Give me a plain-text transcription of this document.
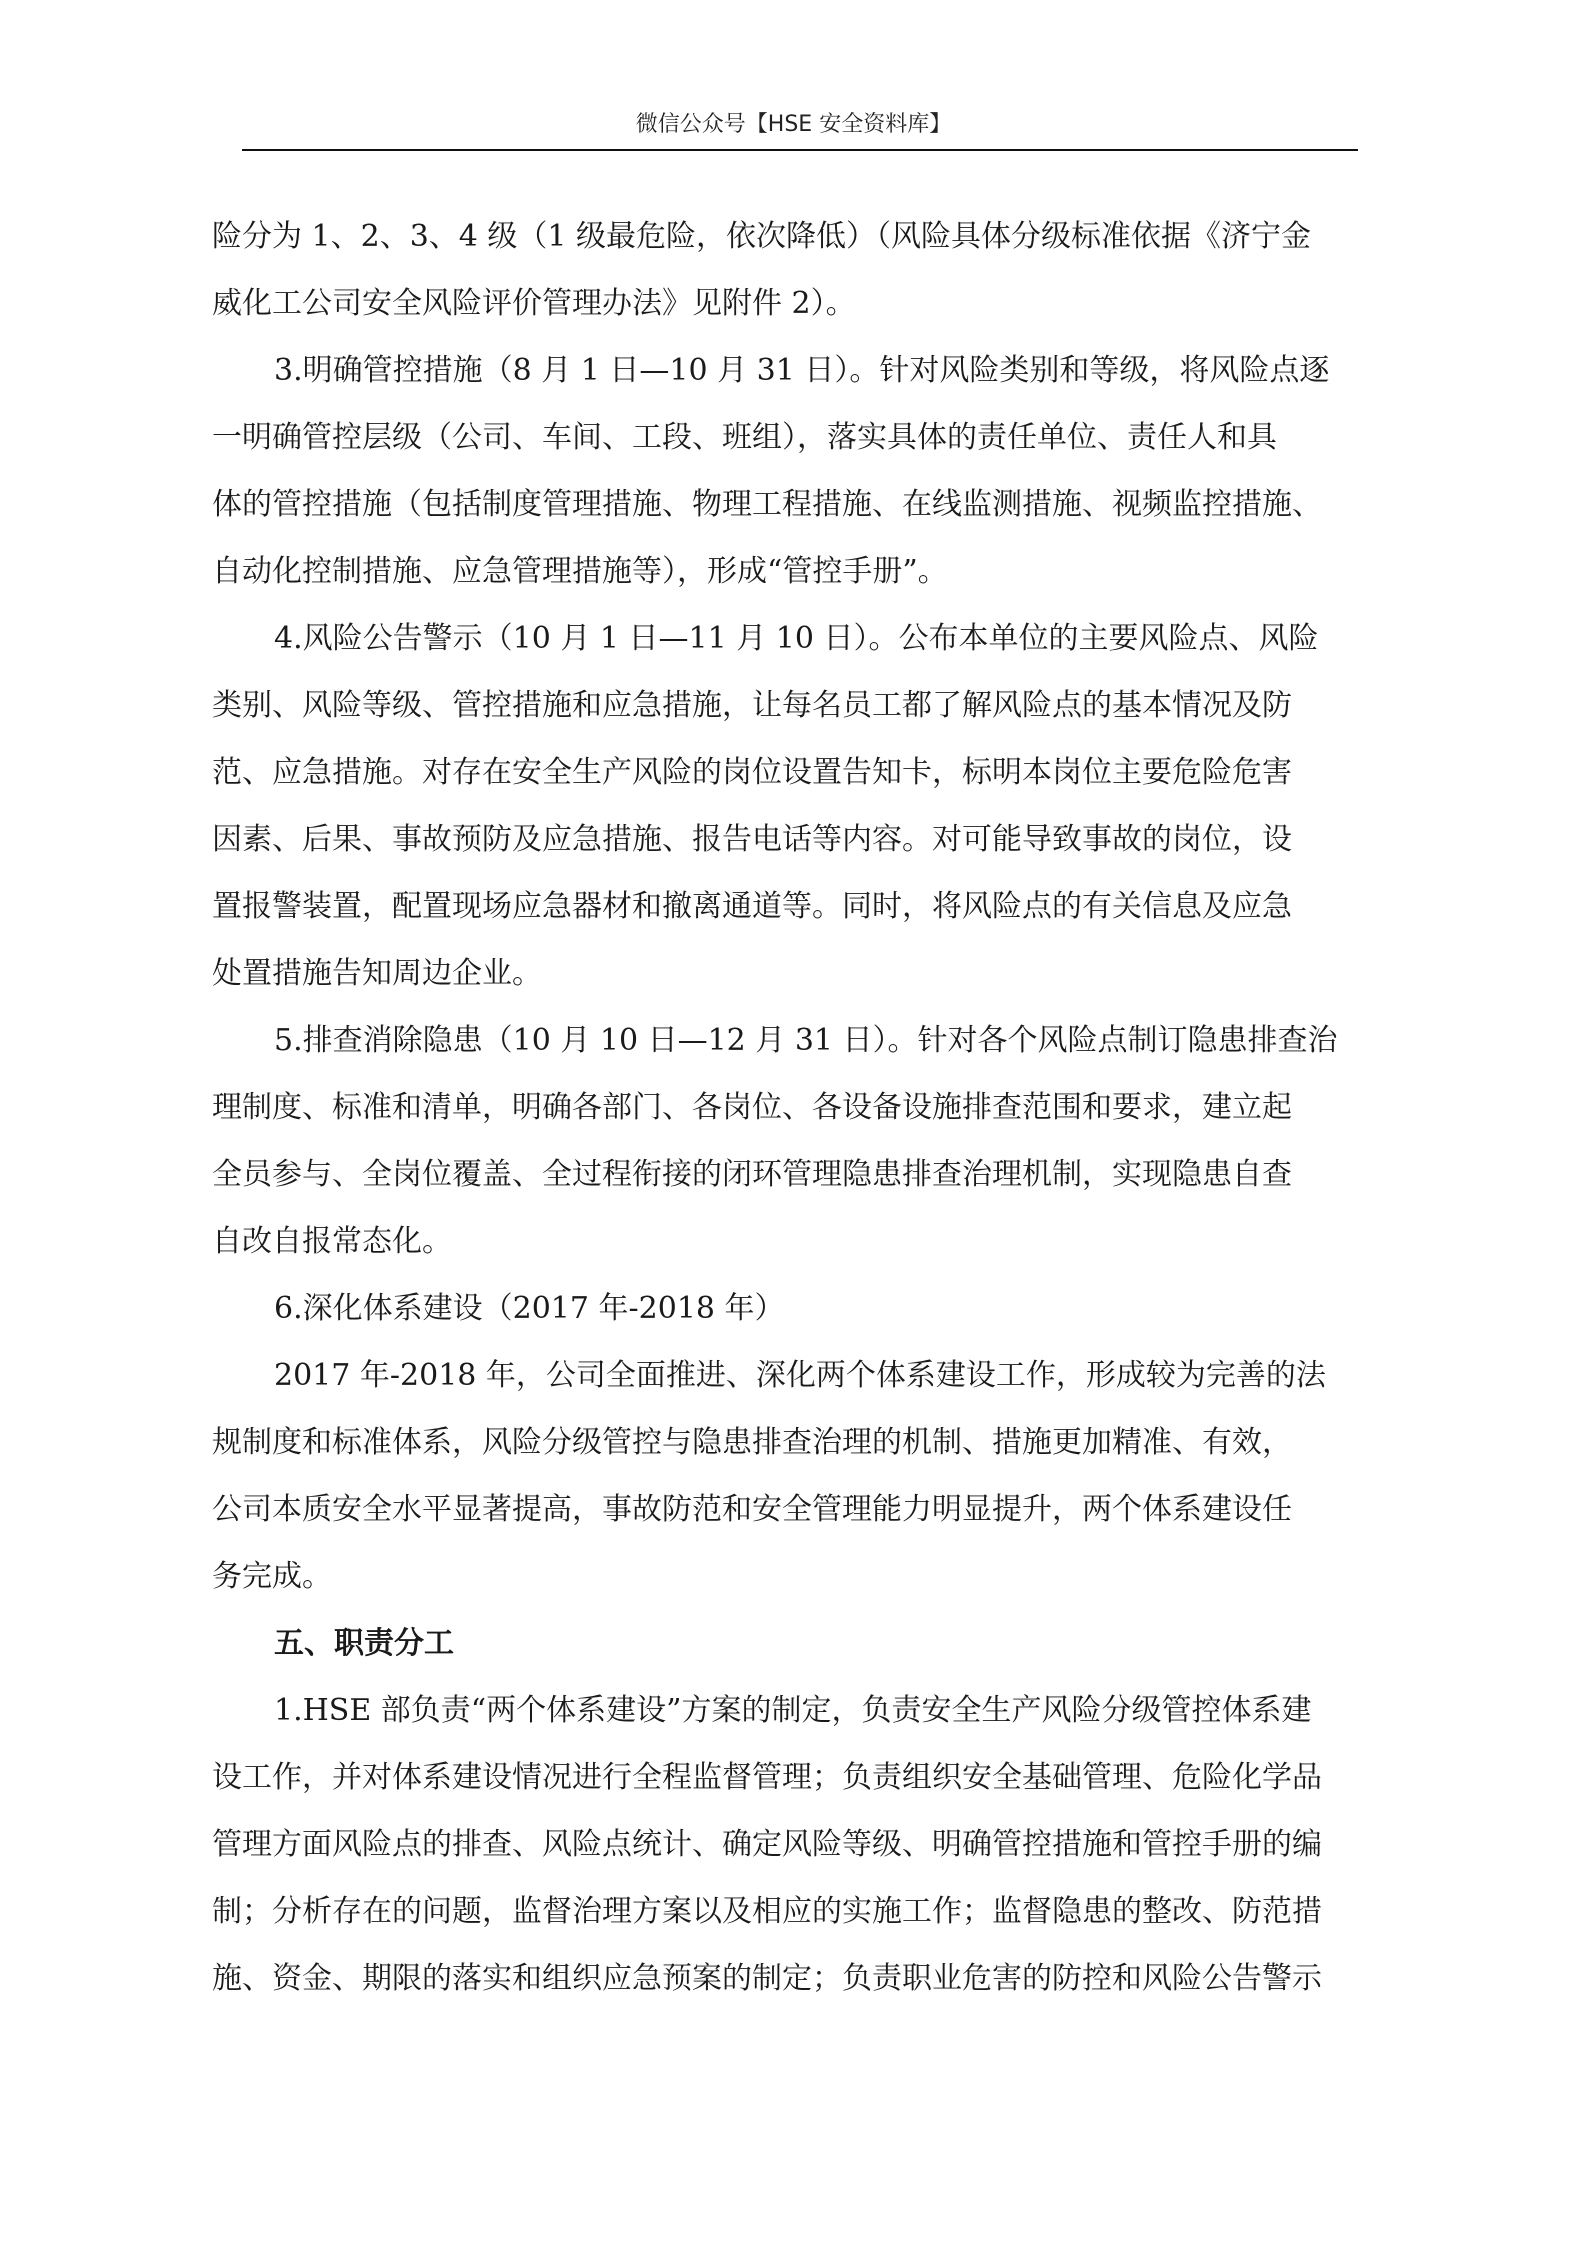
微信公众号【HSE 安全资料库】
险分为 1、2、3、4 级（1 级最危险，依次降低）（风险具体分级标准依据《济宁金
威化工公司安全风险评价管理办法》见附件 2）。
3.明确管控措施（8 月 1 日—10 月 31 日）。针对风险类别和等级，将风险点逐
一明确管控层级（公司、车间、工段、班组），落实具体的责任单位、责任人和具
体的管控措施（包括制度管理措施、物理工程措施、在线监测措施、视频监控措施、
自动化控制措施、应急管理措施等），形成“管控手册”。
4.风险公告警示（10 月 1 日—11 月 10 日）。公布本单位的主要风险点、风险
类别、风险等级、管控措施和应急措施，让每名员工都了解风险点的基本情况及防
范、应急措施。对存在安全生产风险的岗位设置告知卡，标明本岗位主要危险危害
因素、后果、事故预防及应急措施、报告电话等内容。对可能导致事故的岗位，设
置报警装置，配置现场应急器材和撤离通道等。同时，将风险点的有关信息及应急
处置措施告知周边企业。
5.排查消除隐患（10 月 10 日—12 月 31 日）。针对各个风险点制订隐患排查治
理制度、标准和清单，明确各部门、各岗位、各设备设施排查范围和要求，建立起
全员参与、全岗位覆盖、全过程衔接的闭环管理隐患排查治理机制，实现隐患自查
自改自报常态化。
6.深化体系建设（2017 年-2018 年）
2017 年-2018 年，公司全面推进、深化两个体系建设工作，形成较为完善的法
规制度和标准体系，风险分级管控与隐患排查治理的机制、措施更加精准、有效，
公司本质安全水平显著提高，事故防范和安全管理能力明显提升，两个体系建设任
务完成。
五、职责分工
1.HSE 部负责“两个体系建设”方案的制定，负责安全生产风险分级管控体系建
设工作，并对体系建设情况进行全程监督管理；负责组织安全基础管理、危险化学品
管理方面风险点的排查、风险点统计、确定风险等级、明确管控措施和管控手册的编
制；分析存在的问题，监督治理方案以及相应的实施工作；监督隐患的整改、防范措
施、资金、期限的落实和组织应急预案的制定；负责职业危害的防控和风险公告警示
